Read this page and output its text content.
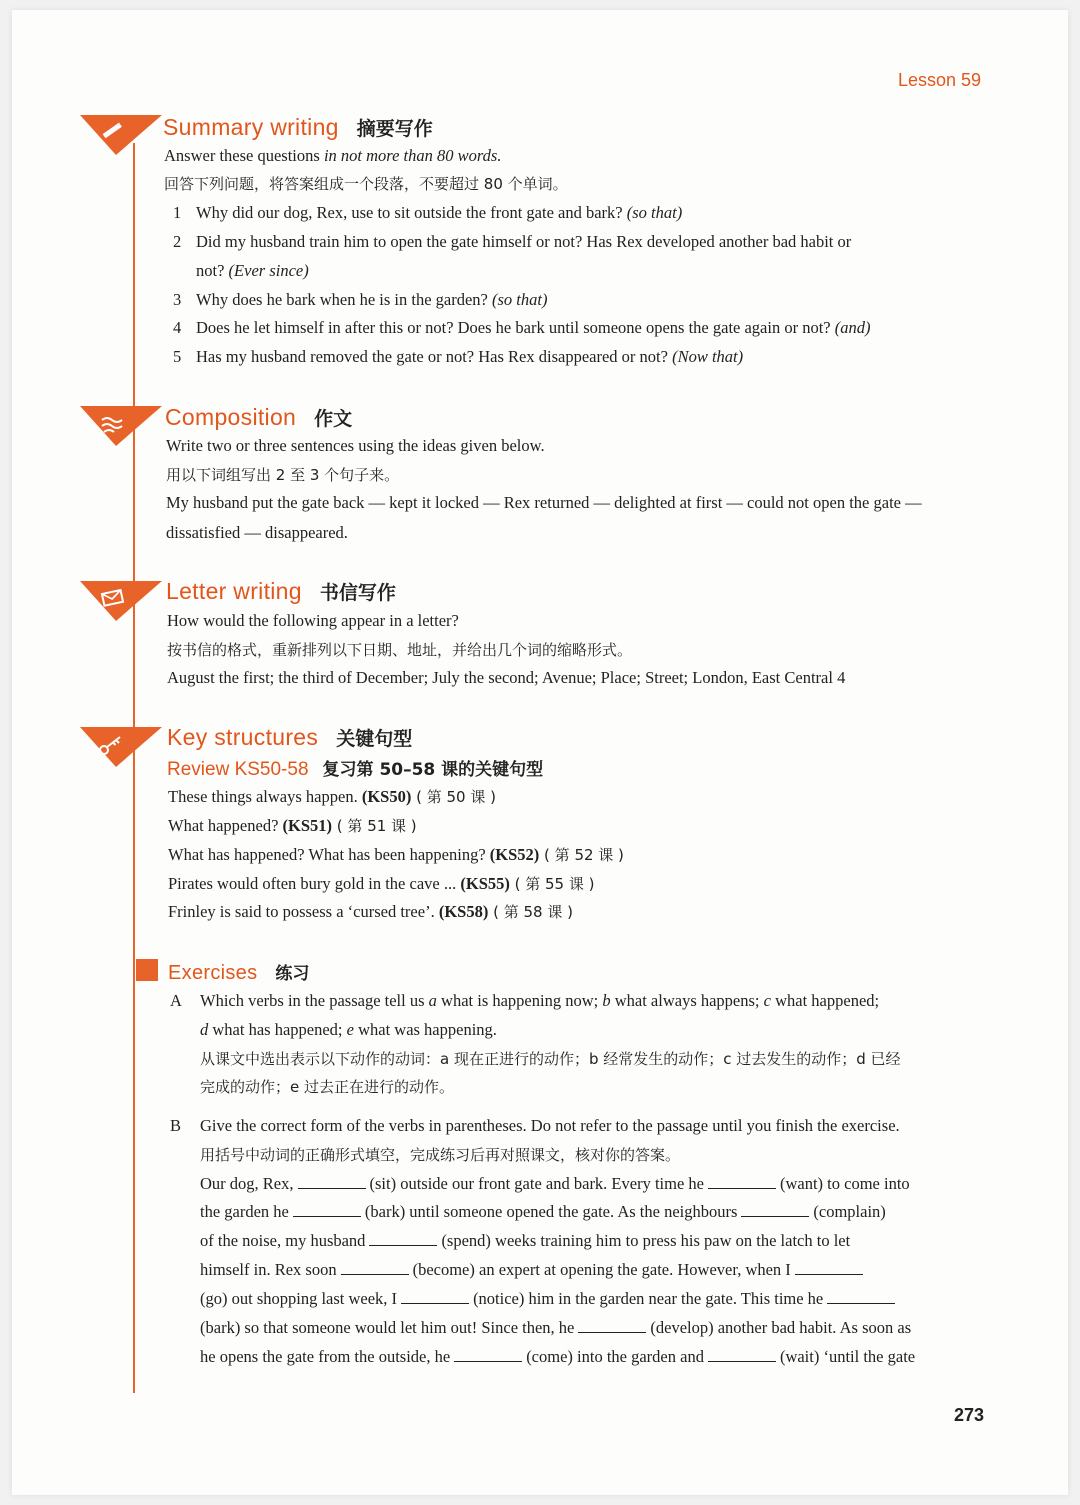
Lesson 59
Summary writing 摘要写作
Answer these questions in not more than 80 words.
回答下列问题，将答案组成一个段落，不要超过 80 个单词。
1 Why did our dog, Rex, use to sit outside the front gate and bark? (so that)
2 Did my husband train him to open the gate himself or not? Has Rex developed another bad habit or
not? (Ever since)
3 Why does he bark when he is in the garden? (so that)
4 Does he let himself in after this or not? Does he bark until someone opens the gate again or not? (and)
5 Has my husband removed the gate or not? Has Rex disappeared or not? (Now that)
Composition 作文
Write two or three sentences using the ideas given below.
用以下词组写出 2 至 3 个句子来。
My husband put the gate back — kept it locked — Rex returned — delighted at first — could not open the gate —
dissatisfied — disappeared.
Letter writing 书信写作
How would the following appear in a letter?
按书信的格式，重新排列以下日期、地址，并给出几个词的缩略形式。
August the first; the third of December; July the second; Avenue; Place; Street; London, East Central 4
Key structures 关键句型
Review KS50-58 复习第 50–58 课的关键句型
These things always happen. (KS50) ( 第 50 课 )
What happened? (KS51) ( 第 51 课 )
What has happened? What has been happening? (KS52) ( 第 52 课 )
Pirates would often bury gold in the cave ... (KS55) ( 第 55 课 )
Frinley is said to possess a ‘cursed tree’. (KS58) ( 第 58 课 )
Exercises 练习
A Which verbs in the passage tell us a what is happening now; b what always happens; c what happened;
d what has happened; e what was happening.
从课文中选出表示以下动作的动词：a 现在正进行的动作；b 经常发生的动作；c 过去发生的动作；d 已经
完成的动作；e 过去正在进行的动作。
B Give the correct form of the verbs in parentheses. Do not refer to the passage until you finish the exercise.
用括号中动词的正确形式填空，完成练习后再对照课文，核对你的答案。
Our dog, Rex,	(sit) outside our front gate and bark. Every time he	(want) to come into
the garden he	(bark) until someone opened the gate. As the neighbours	(complain)
of the noise, my husband	(spend) weeks training him to press his paw on the latch to let
himself in. Rex soon	(become) an expert at opening the gate. However, when I
(go) out shopping last week, I	(notice) him in the garden near the gate. This time he
(bark) so that someone would let him out! Since then, he	(develop) another bad habit. As soon as
he opens the gate from the outside, he	(come) into the garden and	(wait) ‘until the gate
273
